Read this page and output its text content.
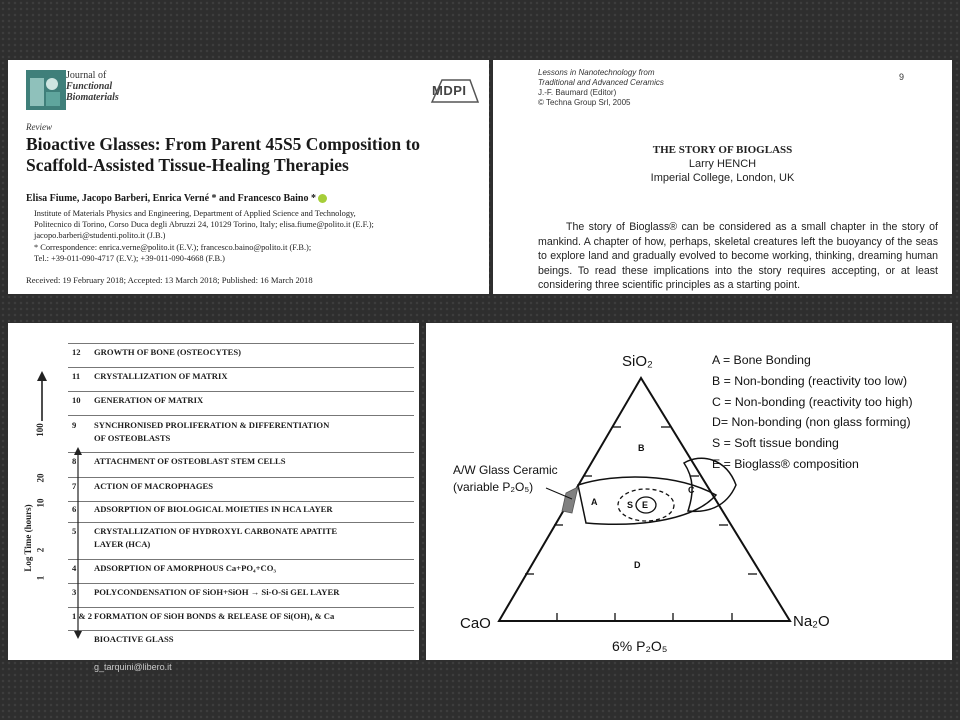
Journal of
Functional
Biomaterials	MDPI
Review
Bioactive Glasses: From Parent 45S5 Composition to Scaffold-Assisted Tissue-Healing Therapies
Elisa Fiume, Jacopo Barberi, Enrica Verné * and Francesco Baino *
Institute of Materials Physics and Engineering, Department of Applied Science and Technology,
Politecnico di Torino, Corso Duca degli Abruzzi 24, 10129 Torino, Italy; elisa.fiume@polito.it (E.F.);
jacopo.barberi@studenti.polito.it (J.B.)
* Correspondence: enrica.verne@polito.it (E.V.); francesco.baino@polito.it (F.B.);
Tel.: +39-011-090-4717 (E.V.); +39-011-090-4668 (F.B.)
Received: 19 February 2018; Accepted: 13 March 2018; Published: 16 March 2018
Lessons in Nanotechnology from
Traditional and Advanced Ceramics
J.-F. Baumard (Editor)
© Techna Group Srl, 2005
9
THE STORY OF BIOGLASS
Larry HENCH
Imperial College, London, UK
The story of Bioglass® can be considered as a small chapter in the story of mankind. A chapter of how, perhaps, skeletal creatures left the buoyancy of the seas to explore land and gradually evolved to become working, thinking, dreaming human beings. To read these implications into the story requires accepting, or at least considering three scientific principles as a starting point.
12 GROWTH OF BONE (OSTEOCYTES)
11 CRYSTALLIZATION OF MATRIX
10 GENERATION OF MATRIX
9 SYNCHRONISED PROLIFERATION & DIFFERENTIATION
OF OSTEOBLASTS
8 ATTACHMENT OF OSTEOBLAST STEM CELLS
7 ACTION OF MACROPHAGES
6 ADSORPTION OF BIOLOGICAL MOIETIES IN HCA LAYER
5 CRYSTALLIZATION OF HYDROXYL CARBONATE APATITE
LAYER (HCA)
4 ADSORPTION OF AMORPHOUS Ca+PO₄+CO₃
3 POLYCONDENSATION OF SiOH+SiOH → Si-O-Si GEL LAYER
1 & 2 FORMATION OF SiOH BONDS & RELEASE OF Si(OH)₄ & Ca
BIOACTIVE GLASS
Log Time (hours)
100
20
10
2
1
SiO₂
CaO	Na₂O
6% P₂O₅
A
B
C
D
S E
A/W Glass Ceramic
(variable P₂O₅)
A = Bone Bonding
B = Non-bonding (reactivity too low)
C = Non-bonding (reactivity too high)
D= Non-bonding (non glass forming)
S = Soft tissue bonding
E = Bioglass® composition
g_tarquini@libero.it
